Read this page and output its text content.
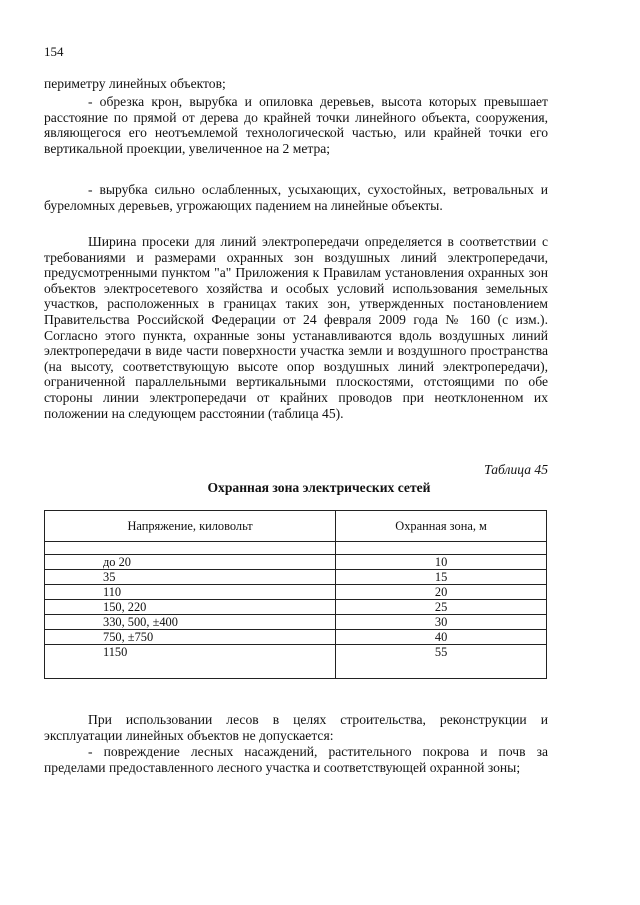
154

периметру линейных объектов;

- обрезка крон, вырубка и опиловка деревьев, высота которых превышает расстояние по прямой от дерева до крайней точки линейного объекта, сооружения, являющегося его неотъемлемой технологической частью, или крайней точки его вертикальной проекции, увеличенное на 2 метра;

- вырубка сильно ослабленных, усыхающих, сухостойных, ветровальных и буреломных деревьев, угрожающих падением на линейные объекты.

Ширина просеки для линий электропередачи определяется в соответствии с требованиями и размерами охранных зон воздушных линий электропередачи, предусмотренными пунктом "а" Приложения к Правилам установления охранных зон объектов электросетевого хозяйства и особых условий использования земельных участков, расположенных в границах таких зон, утвержденных постановлением Правительства Российской Федерации от 24 февраля 2009 года № 160 (с изм.). Согласно этого пункта, охранные зоны устанавливаются вдоль воздушных линий электропередачи в виде части поверхности участка земли и воздушного пространства (на высоту, соответствующую высоте опор воздушных линий электропередачи), ограниченной параллельными вертикальными плоскостями, отстоящими по обе стороны линии электропередачи от крайних проводов при неотклоненном их положении на следующем расстоянии (таблица 45).

Таблица 45
Охранная зона электрических сетей
Напряжение, киловольт	Охранная зона, м

до 20	10
35	15
110	20
150, 220	25
330, 500, ±400	30
750, ±750	40
1150	55

При использовании лесов в целях строительства, реконструкции и эксплуатации линейных объектов не допускается:

- повреждение лесных насаждений, растительного покрова и почв за пределами предоставленного лесного участка и соответствующей охранной зоны;
